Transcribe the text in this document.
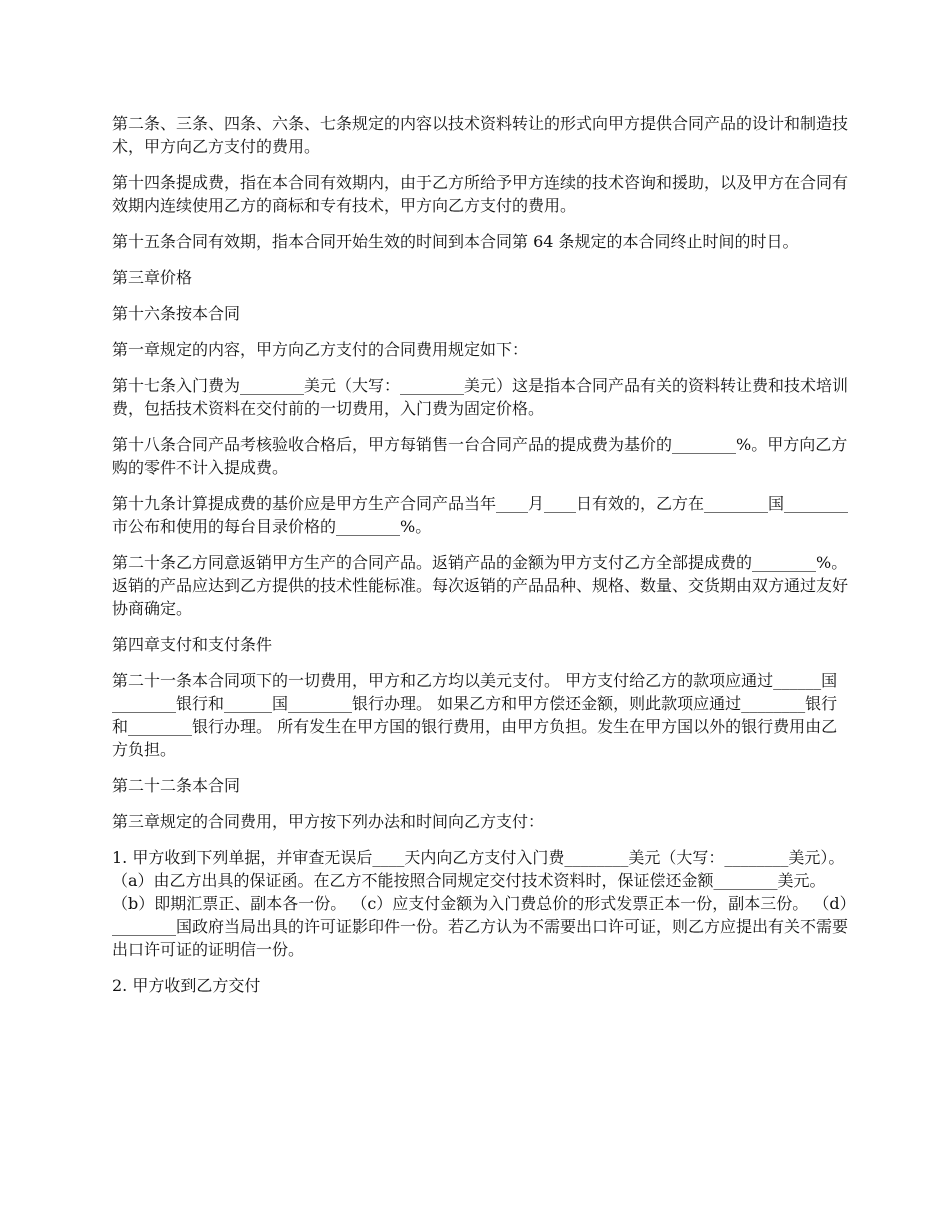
第二条、三条、四条、六条、七条规定的内容以技术资料转让的形式向甲方提供合同产品的设计和制造技术，甲方向乙方支付的费用。

第十四条提成费，指在本合同有效期内，由于乙方所给予甲方连续的技术咨询和援助，以及甲方在合同有效期内连续使用乙方的商标和专有技术，甲方向乙方支付的费用。

第十五条合同有效期，指本合同开始生效的时间到本合同第 64 条规定的本合同终止时间的时日。

第三章价格

第十六条按本合同

第一章规定的内容，甲方向乙方支付的合同费用规定如下：

第十七条入门费为________美元（大写：________美元）这是指本合同产品有关的资料转让费和技术培训费，包括技术资料在交付前的一切费用，入门费为固定价格。

第十八条合同产品考核验收合格后，甲方每销售一台合同产品的提成费为基价的________%。甲方向乙方购的零件不计入提成费。

第十九条计算提成费的基价应是甲方生产合同产品当年____月____日有效的，乙方在________国________市公布和使用的每台目录价格的________%。

第二十条乙方同意返销甲方生产的合同产品。返销产品的金额为甲方支付乙方全部提成费的________%。返销的产品应达到乙方提供的技术性能标准。每次返销的产品品种、规格、数量、交货期由双方通过友好协商确定。

第四章支付和支付条件

第二十一条本合同项下的一切费用，甲方和乙方均以美元支付。 甲方支付给乙方的款项应通过______国________银行和______国________银行办理。 如果乙方和甲方偿还金额，则此款项应通过________银行和________银行办理。 所有发生在甲方国的银行费用，由甲方负担。发生在甲方国以外的银行费用由乙方负担。

第二十二条本合同

第三章规定的合同费用，甲方按下列办法和时间向乙方支付：

1. 甲方收到下列单据，并审查无误后____天内向乙方支付入门费________美元（大写：________美元）。 （a）由乙方出具的保证函。在乙方不能按照合同规定交付技术资料时，保证偿还金额________美元。 （b）即期汇票正、副本各一份。 （c）应支付金额为入门费总价的形式发票正本一份，副本三份。 （d）________国政府当局出具的许可证影印件一份。若乙方认为不需要出口许可证，则乙方应提出有关不需要出口许可证的证明信一份。

2. 甲方收到乙方交付
